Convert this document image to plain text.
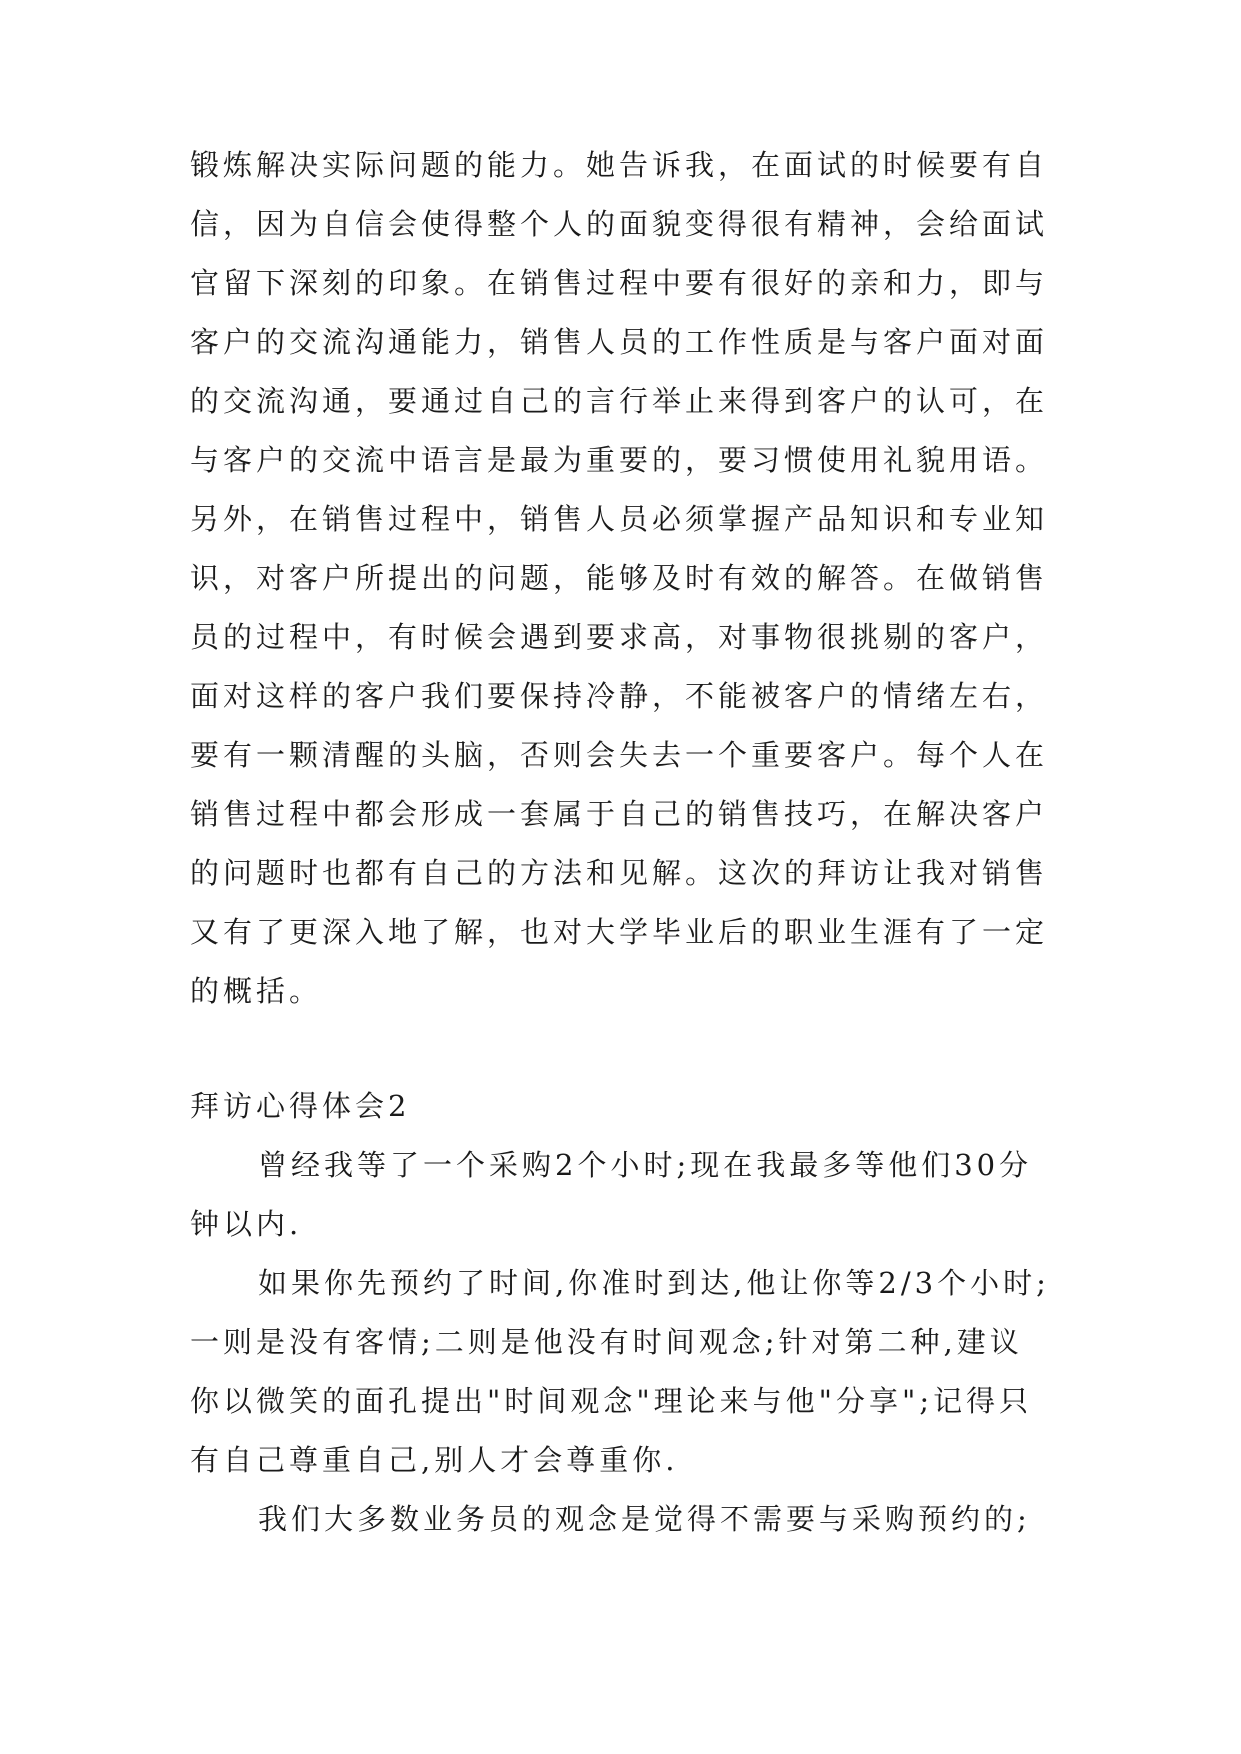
锻炼解决实际问题的能力。她告诉我，在面试的时候要有自
信，因为自信会使得整个人的面貌变得很有精神，会给面试
官留下深刻的印象。在销售过程中要有很好的亲和力，即与
客户的交流沟通能力，销售人员的工作性质是与客户面对面
的交流沟通，要通过自己的言行举止来得到客户的认可，在
与客户的交流中语言是最为重要的，要习惯使用礼貌用语。
另外，在销售过程中，销售人员必须掌握产品知识和专业知
识，对客户所提出的问题，能够及时有效的解答。在做销售
员的过程中，有时候会遇到要求高，对事物很挑剔的客户，
面对这样的客户我们要保持冷静，不能被客户的情绪左右，
要有一颗清醒的头脑，否则会失去一个重要客户。每个人在
销售过程中都会形成一套属于自己的销售技巧，在解决客户
的问题时也都有自己的方法和见解。这次的拜访让我对销售
又有了更深入地了解，也对大学毕业后的职业生涯有了一定
的概括。
拜访心得体会2
曾经我等了一个采购2个小时;现在我最多等他们30分
钟以内.
如果你先预约了时间,你准时到达,他让你等2/3个小时;
一则是没有客情;二则是他没有时间观念;针对第二种,建议
你以微笑的面孔提出"时间观念"理论来与他"分享";记得只
有自己尊重自己,别人才会尊重你.
我们大多数业务员的观念是觉得不需要与采购预约的;
